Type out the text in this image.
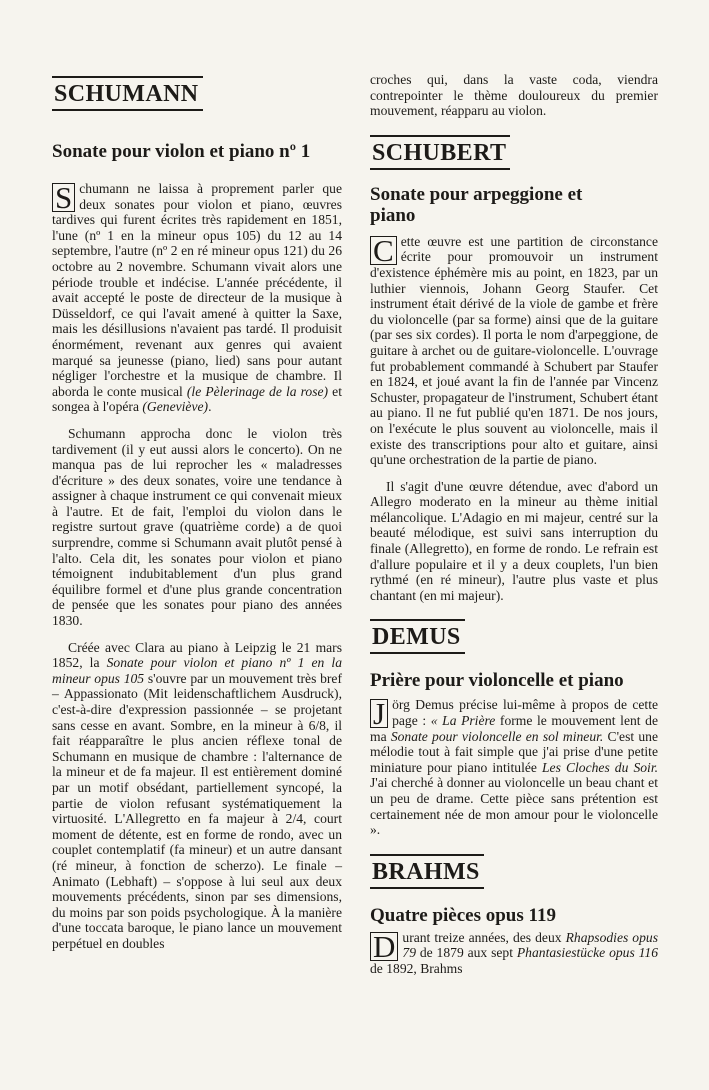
SCHUMANN
Sonate pour violon et piano nº 1

S chumann ne laissa à proprement parler que deux sonates pour violon et piano, œuvres tardives qui furent écrites très rapidement en 1851, l'une (nº 1 en la mineur opus 105) du 12 au 14 septembre, l'autre (nº 2 en ré mineur opus 121) du 26 octobre au 2 novembre. Schumann vivait alors une période trouble et indécise. L'année précédente, il avait accepté le poste de directeur de la musique à Düsseldorf, ce qui l'avait amené à quitter la Saxe, mais les désillusions n'avaient pas tardé. Il produisit énormément, revenant aux genres qui avaient marqué sa jeunesse (piano, lied) sans pour autant négliger l'orchestre et la musique de chambre. Il aborda le conte musical (le Pèlerinage de la rose) et songea à l'opéra (Geneviève).

Schumann approcha donc le violon très tardivement (il y eut aussi alors le concerto). On ne manqua pas de lui reprocher les « maladresses d'écriture » des deux sonates, voire une tendance à assigner à chaque instrument ce qui convenait mieux à l'autre. Et de fait, l'emploi du violon dans le registre surtout grave (quatrième corde) a de quoi surprendre, comme si Schumann avait plutôt pensé à l'alto. Cela dit, les sonates pour violon et piano témoignent indubitablement d'un plus grand équilibre formel et d'une plus grande concentration de pensée que les sonates pour piano des années 1830.

Créée avec Clara au piano à Leipzig le 21 mars 1852, la Sonate pour violon et piano nº 1 en la mineur opus 105 s'ouvre par un mouvement très bref – Appassionato (Mit leidenschaftlichem Ausdruck), c'est-à-dire d'expression passionnée – se projetant sans cesse en avant. Sombre, en la mineur à 6/8, il fait réapparaître le plus ancien réflexe tonal de Schumann en musique de chambre : l'alternance de la mineur et de fa majeur. Il est entièrement dominé par un motif obsédant, partiellement syncopé, la partie de violon refusant systématiquement la virtuosité. L'Allegretto en fa majeur à 2/4, court moment de détente, est en forme de rondo, avec un couplet contemplatif (fa mineur) et un autre dansant (ré mineur, à fonction de scherzo). Le finale – Animato (Lebhaft) – s'oppose à lui seul aux deux mouvements précédents, sinon par ses dimensions, du moins par son poids psychologique. À la manière d'une toccata baroque, le piano lance un mouvement perpétuel en doubles

croches qui, dans la vaste coda, viendra contrepointer le thème douloureux du premier mouvement, réapparu au violon.

SCHUBERT
Sonate pour arpeggione et piano

C ette œuvre est une partition de circonstance écrite pour promouvoir un instrument d'existence éphémère mis au point, en 1823, par un luthier viennois, Johann Georg Staufer. Cet instrument était dérivé de la viole de gambe et frère du violoncelle (par sa forme) ainsi que de la guitare (par ses six cordes). Il porta le nom d'arpeggione, de guitare à archet ou de guitare-violoncelle. L'ouvrage fut probablement commandé à Schubert par Staufer en 1824, et joué avant la fin de l'année par Vincenz Schuster, propagateur de l'instrument, Schubert étant au piano. Il ne fut publié qu'en 1871. De nos jours, on l'exécute le plus souvent au violoncelle, mais il existe des transcriptions pour alto et guitare, ainsi qu'une orchestration de la partie de piano.

Il s'agit d'une œuvre détendue, avec d'abord un Allegro moderato en la mineur au thème initial mélancolique. L'Adagio en mi majeur, centré sur la beauté mélodique, est suivi sans interruption du finale (Allegretto), en forme de rondo. Le refrain est d'allure populaire et il y a deux couplets, l'un bien rythmé (en ré mineur), l'autre plus vaste et plus chantant (en mi majeur).

DEMUS
Prière pour violoncelle et piano

J örg Demus précise lui-même à propos de cette page : « La Prière forme le mouvement lent de ma Sonate pour violoncelle en sol mineur. C'est une mélodie tout à fait simple que j'ai prise d'une petite miniature pour piano intitulée Les Cloches du Soir. J'ai cherché à donner au violoncelle un beau chant et un peu de drame. Cette pièce sans prétention est certainement née de mon amour pour le violoncelle ».

BRAHMS
Quatre pièces opus 119

D urant treize années, des deux Rhapsodies opus 79 de 1879 aux sept Phantasiestücke opus 116 de 1892, Brahms
